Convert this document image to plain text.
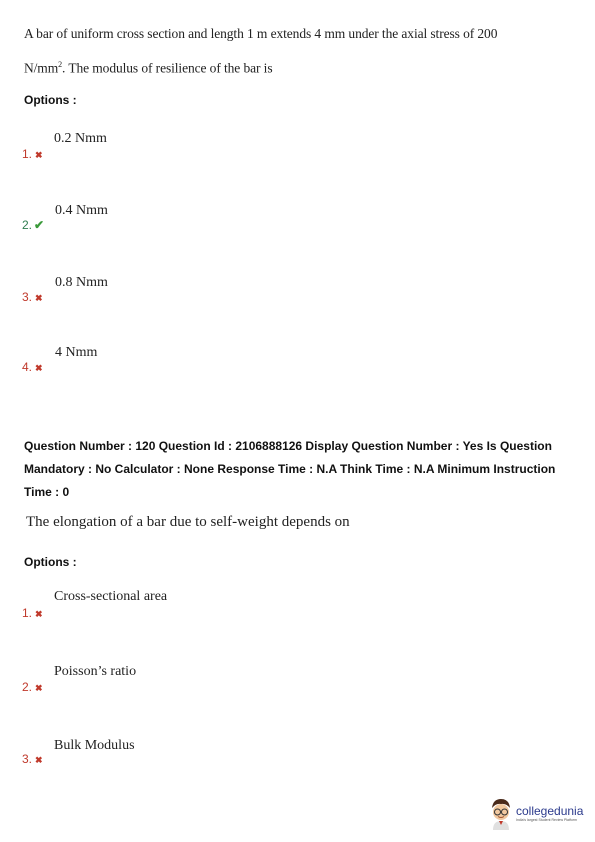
A bar of uniform cross section and length 1 m extends 4 mm under the axial stress of 200
$N/mm^2$. The modulus of resilience of the bar is
Options :
0.2 Nmm
1. ✖
0.4 Nmm
2. ✔
0.8 Nmm
3. ✖
4 Nmm
4. ✖
Question Number : 120 Question Id : 2106888126 Display Question Number : Yes Is Question Mandatory : No Calculator : None Response Time : N.A Think Time : N.A Minimum Instruction Time : 0
The elongation of a bar due to self-weight depends on
Options :
Cross-sectional area
1. ✖
Poisson’s ratio
2. ✖
Bulk Modulus
3. ✖
collegedunia
India's largest Student Review Platform
